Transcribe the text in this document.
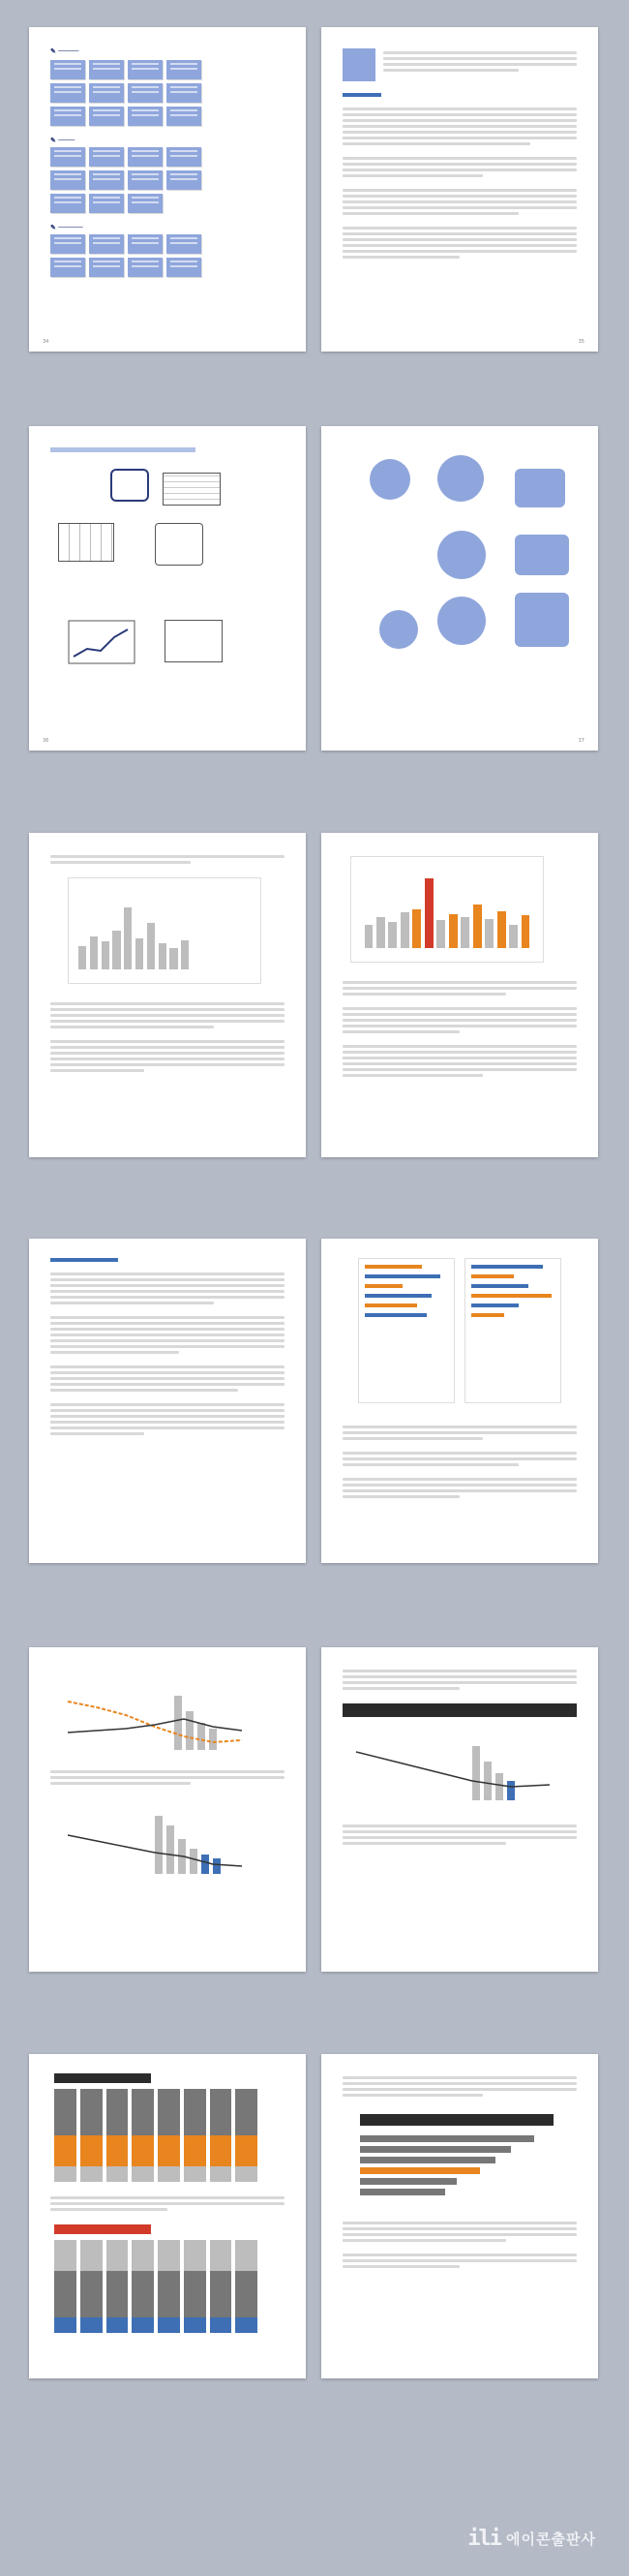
✎ ─────
✎ ────
✎ ──────
34	35
36	37
ili 에이콘출판사
